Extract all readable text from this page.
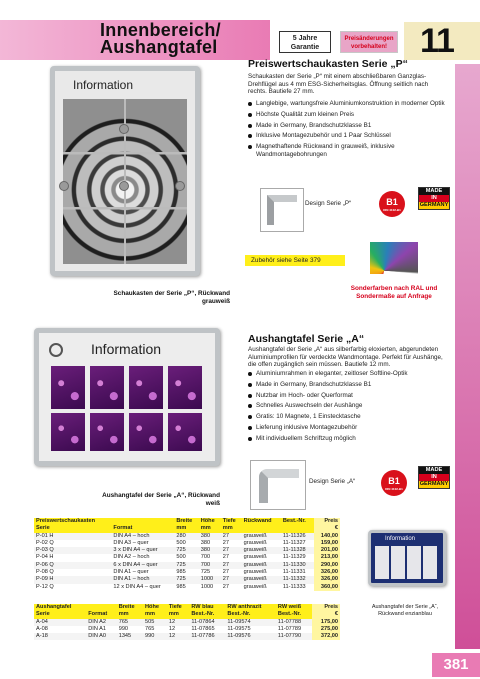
Innenbereich/
Aushangtafel	5 Jahre Garantie
Preisänderungen vorbehalten! 11
Information
Schaukasten der Serie „P“, Rückwand grauweiß
Preiswertschaukasten Serie „P“
Schaukasten der Serie „P“ mit einem abschließbaren Ganzglas-Drehflügel aus 4 mm ESG-Sicherheitsglas. Öffnung seitlich nach rechts. Bautiefe 27 mm.
Langlebige, wartungsfreie Aluminiumkonstruktion in moderner Optik
Höchste Qualität zum kleinen Preis
Made in Germany, Brandschutzklasse B1
Inklusive Montagezubehör und 1 Paar Schlüssel
Magnethaftende Rückwand in grauweiß, inklusive Wandmontagebohrungen
Design Serie „P“	B1
DIN 4102-B1
MADE
IN
GERMANY
Zubehör siehe Seite 379
Sonderfarben nach RAL und Sondermaße auf Anfrage
Information
Aushangtafel der Serie „A“, Rückwand weiß
Aushangtafel Serie „A“
Aushangtafel der Serie „A“ aus silberfarbig eloxierten, abgerundeten Aluminiumprofilen für verdeckte Wandmontage. Perfekt für Aushänge, die offen zugänglich sein müssen. Bautiefe 12 mm.
Aluminiumrahmen in eleganter, zeitloser Softline-Optik
Made in Germany, Brandschutzklasse B1
Nutzbar im Hoch- oder Querformat
Schnelles Auswechseln der Aushänge
Gratis: 10 Magnete, 1 Einstecktasche
Lieferung inklusive Montagezubehör
Mit individuellem Schriftzug möglich
Design Serie „A“	B1
DIN 4102-B1
MADE
IN
GERMANY
Preiswertschaukasten		Breite	Höhe	Tiefe	Rückwand	Best.-Nr.	Preis
Serie	Format	mm	mm	mm			€
P-01 H	DIN A4 – hoch	280	380	27	grauweiß	11-11326	140,00
P-02 Q	DIN A3 – quer	500	380	27	grauweiß	11-11327	159,00
P-03 Q	3 x DIN A4 – quer	725	380	27	grauweiß	11-11328	201,00
P-04 H	DIN A2 – hoch	500	700	27	grauweiß	11-11329	213,00
P-06 Q	6 x DIN A4 – quer	725	700	27	grauweiß	11-11330	290,00
P-08 Q	DIN A1 – quer	985	725	27	grauweiß	11-11331	326,00
P-09 H	DIN A1 – hoch	725	1000	27	grauweiß	11-11332	326,00
P-12 Q	12 x DIN A4 – quer	985	1000	27	grauweiß	11-11333	360,00
Aushangtafel		Breite	Höhe	Tiefe	RW blau	RW anthrazit	RW weiß	Preis
Serie	Format	mm	mm	mm	Best.-Nr.	Best.-Nr.	Best.-Nr.	€
A-04	DIN A2	765	505	12	11-07864	11-09574	11-07788	175,00
A-08	DIN A1	990	765	12	11-07865	11-09575	11-07789	275,00
A-18	DIN A0	1345	990	12	11-07786	11-09576	11-07790	372,00
Information
Aushangtafel der Serie „A“, Rückwand enzianblau
381
